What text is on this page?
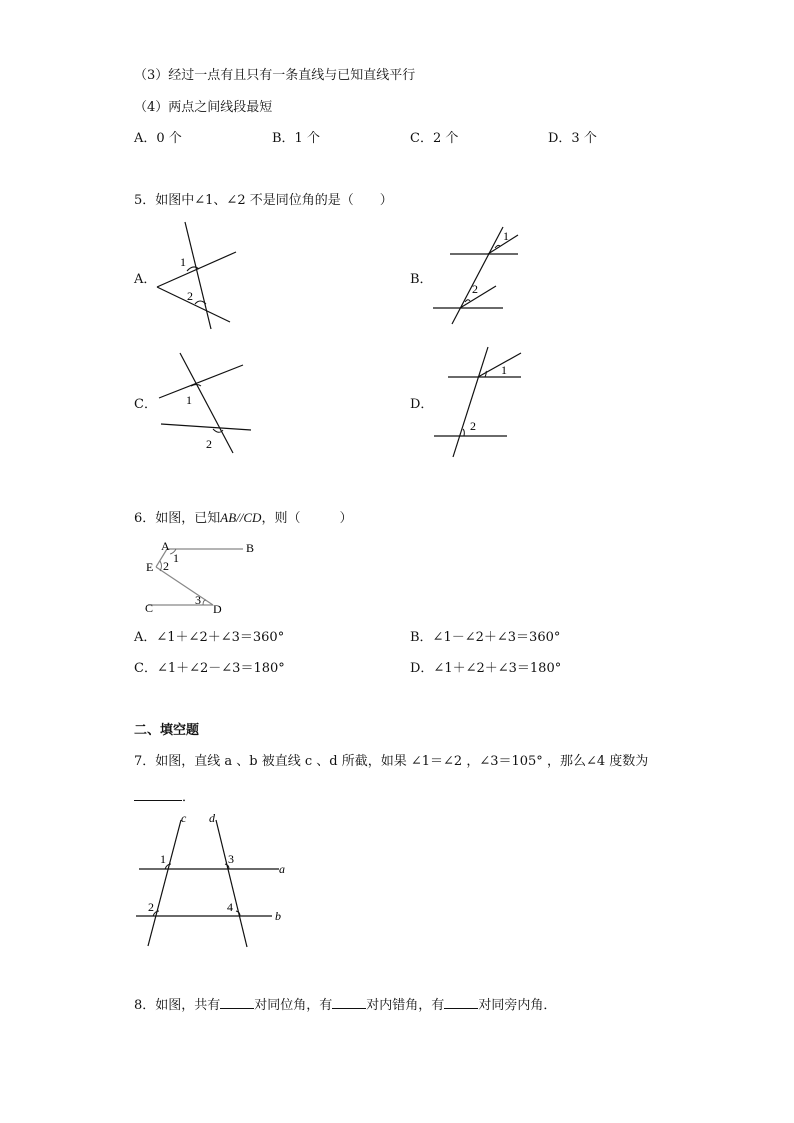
（3）经过一点有且只有一条直线与已知直线平行
（4）两点之间线段最短
A．0 个	B．1 个	C．2 个	D．3 个
5．如图中∠1、∠2 不是同位角的是（　　）
A．
1
2
B．
1
2
C． 1
2
D．
1
2
6．如图，已知AB//CD，则（　　　）
A	B
C	D
E
1
2
3
A．∠1＋∠2＋∠3＝360°	B．∠1－∠2＋∠3＝360°
C．∠1＋∠2－∠3＝180°	D．∠1＋∠2＋∠3＝180°
二、填空题
7．如图，直线 a 、b 被直线 c 、d 所截，如果 ∠1＝∠2 ，∠3＝105° ，那么∠4 度数为
．
c d
a
b
1
2
3
4
8．如图，共有	对同位角，有	对内错角，有	对同旁内角．
